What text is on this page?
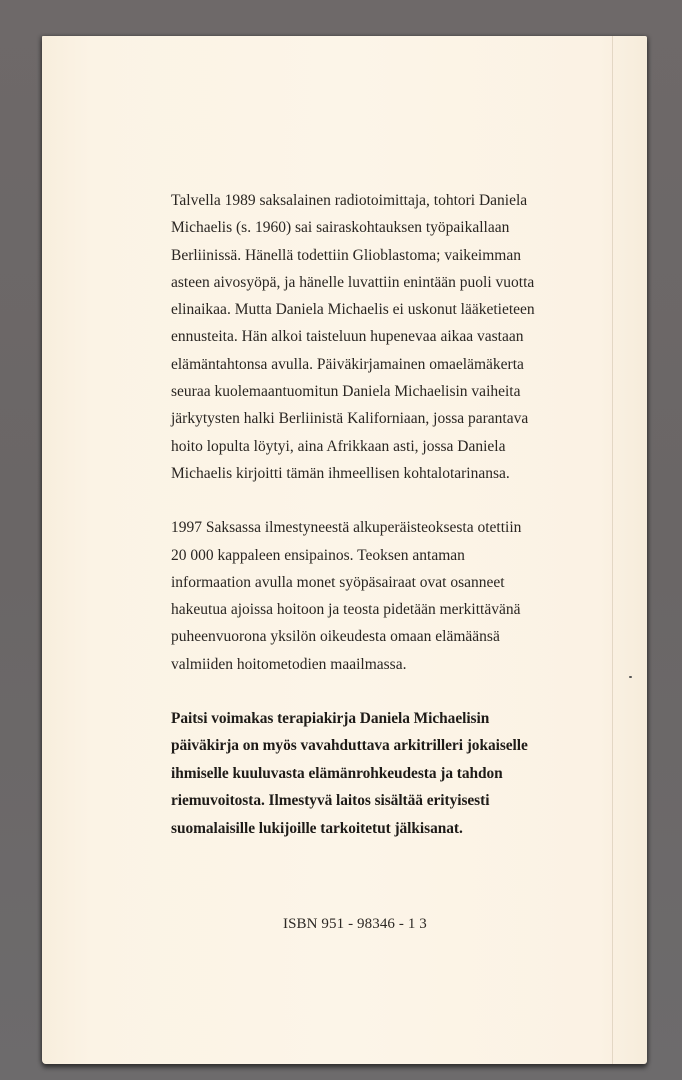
Talvella 1989 saksalainen radiotoimittaja, tohtori Daniela
Michaelis (s. 1960) sai sairaskohtauksen työpaikallaan
Berliinissä. Hänellä todettiin Glioblastoma; vaikeimman
asteen aivosyöpä, ja hänelle luvattiin enintään puoli vuotta
elinaikaa. Mutta Daniela Michaelis ei uskonut lääketieteen
ennusteita. Hän alkoi taisteluun hupenevaa aikaa vastaan
elämäntahtonsa avulla. Päiväkirjamainen omaelämäkerta
seuraa kuolemaantuomitun Daniela Michaelisin vaiheita
järkytysten halki Berliinistä Kaliforniaan, jossa parantava
hoito lopulta löytyi, aina Afrikkaan asti, jossa Daniela
Michaelis kirjoitti tämän ihmeellisen kohtalotarinansa.

1997 Saksassa ilmestyneestä alkuperäisteoksesta otettiin
20 000 kappaleen ensipainos. Teoksen antaman
informaation avulla monet syöpäsairaat ovat osanneet
hakeutua ajoissa hoitoon ja teosta pidetään merkittävänä
puheenvuorona yksilön oikeudesta omaan elämäänsä
valmiiden hoitometodien maailmassa.

Paitsi voimakas terapiakirja Daniela Michaelisin
päiväkirja on myös vavahduttava arkitrilleri jokaiselle
ihmiselle kuuluvasta elämänrohkeudesta ja tahdon
riemuvoitosta. Ilmestyvä laitos sisältää erityisesti
suomalaisille lukijoille tarkoitetut jälkisanat.

ISBN 951 - 98346 - 1 3
